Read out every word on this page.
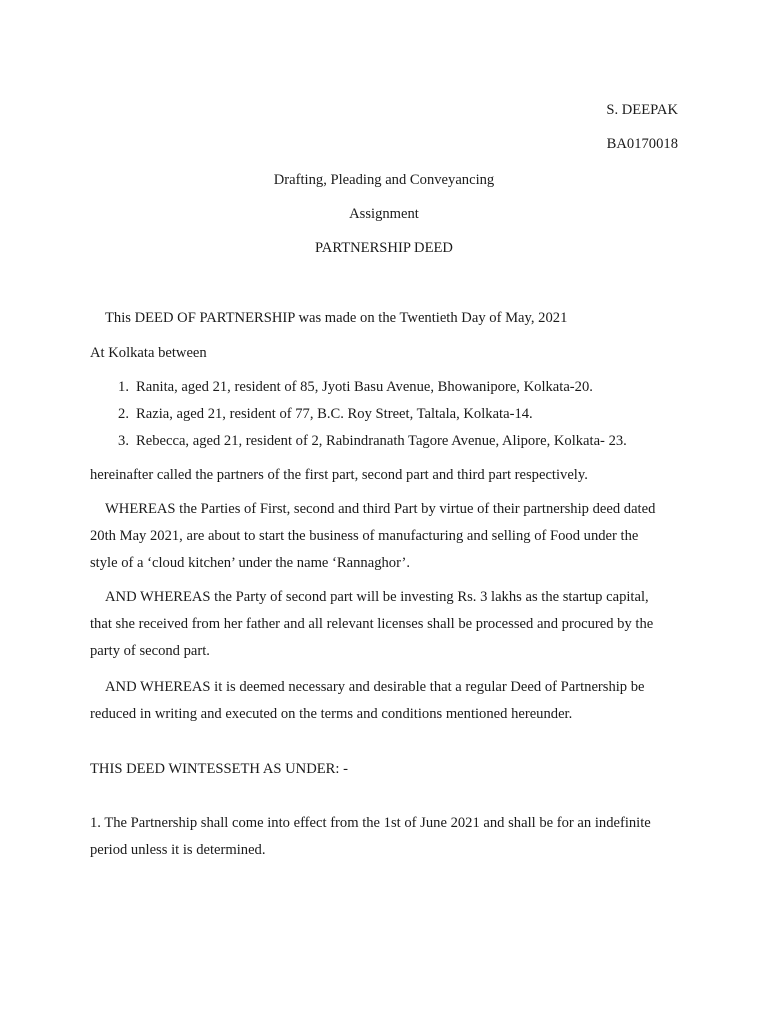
S. DEEPAK
BA0170018
Drafting, Pleading and Conveyancing
Assignment
PARTNERSHIP DEED
This DEED OF PARTNERSHIP was made on the Twentieth Day of May, 2021
At Kolkata between
1. Ranita, aged 21, resident of 85, Jyoti Basu Avenue, Bhowanipore, Kolkata-20.
2. Razia, aged 21, resident of 77, B.C. Roy Street, Taltala, Kolkata-14.
3. Rebecca, aged 21, resident of 2, Rabindranath Tagore Avenue, Alipore, Kolkata- 23.
hereinafter called the partners of the first part, second part and third part respectively.
WHEREAS the Parties of First, second and third Part by virtue of their partnership deed dated
20th May 2021, are about to start the business of manufacturing and selling of Food under the
style of a ‘cloud kitchen’ under the name ‘Rannaghor’.
AND WHEREAS the Party of second part will be investing Rs. 3 lakhs as the startup capital,
that she received from her father and all relevant licenses shall be processed and procured by the
party of second part.
AND WHEREAS it is deemed necessary and desirable that a regular Deed of Partnership be
reduced in writing and executed on the terms and conditions mentioned hereunder.
THIS DEED WINTESSETH AS UNDER: -
1. The Partnership shall come into effect from the 1st of June 2021 and shall be for an indefinite
period unless it is determined.
